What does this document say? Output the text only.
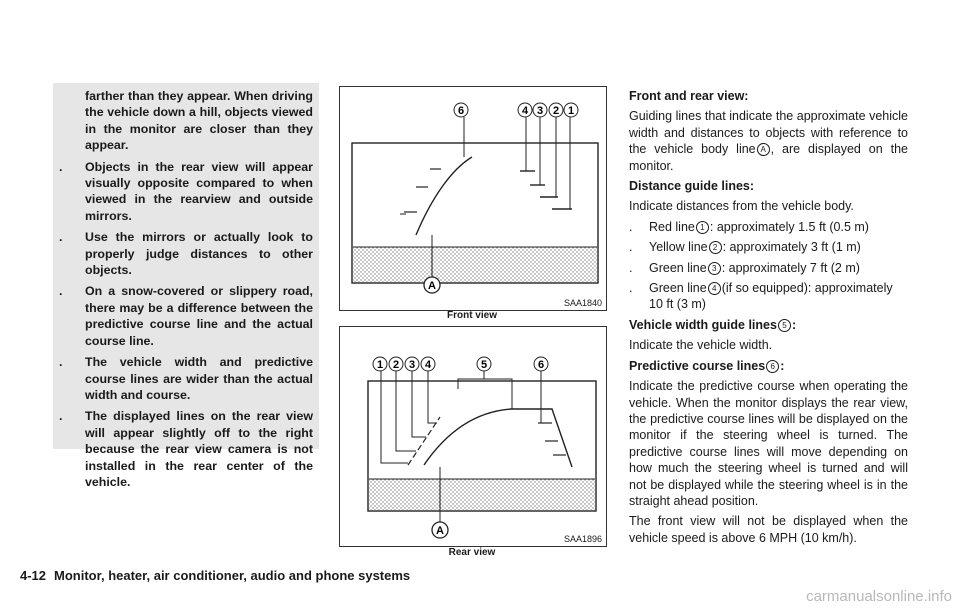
farther than they appear. When driving the vehicle down a hill, objects viewed in the monitor are closer than they appear.
. Objects in the rear view will appear visually opposite compared to when viewed in the rearview and outside mirrors.
. Use the mirrors or actually look to properly judge distances to other objects.
. On a snow-covered or slippery road, there may be a difference between the predictive course line and the actual course line.
. The vehicle width and predictive course lines are wider than the actual width and course.
. The displayed lines on the rear view will appear slightly off to the right because the rear view camera is not installed in the rear center of the vehicle.
6	4 3 2 1
A
SAA1840
Front view
1 2 3 4	5	6
A
SAA1896
Rear view

Front and rear view:

Guiding lines that indicate the approximate vehicle width and distances to objects with reference to the vehicle body line A , are displayed on the monitor.

Distance guide lines:

Indicate distances from the vehicle body.

. Red line 1 : approximately 1.5 ft (0.5 m)
. Yellow line 2 : approximately 3 ft (1 m)
. Green line 3 : approximately 7 ft (2 m)
. Green line 4 (if so equipped): approximately 10 ft (3 m)

Vehicle width guide lines 5 :

Indicate the vehicle width.

Predictive course lines 6 :

Indicate the predictive course when operating the vehicle. When the monitor displays the rear view, the predictive course lines will be displayed on the monitor if the steering wheel is turned. The predictive course lines will move depending on how much the steering wheel is turned and will not be displayed while the steering wheel is in the straight ahead position.

The front view will not be displayed when the vehicle speed is above 6 MPH (10 km/h).

4-12 Monitor, heater, air conditioner, audio and phone systems
carmanualsonline.info
